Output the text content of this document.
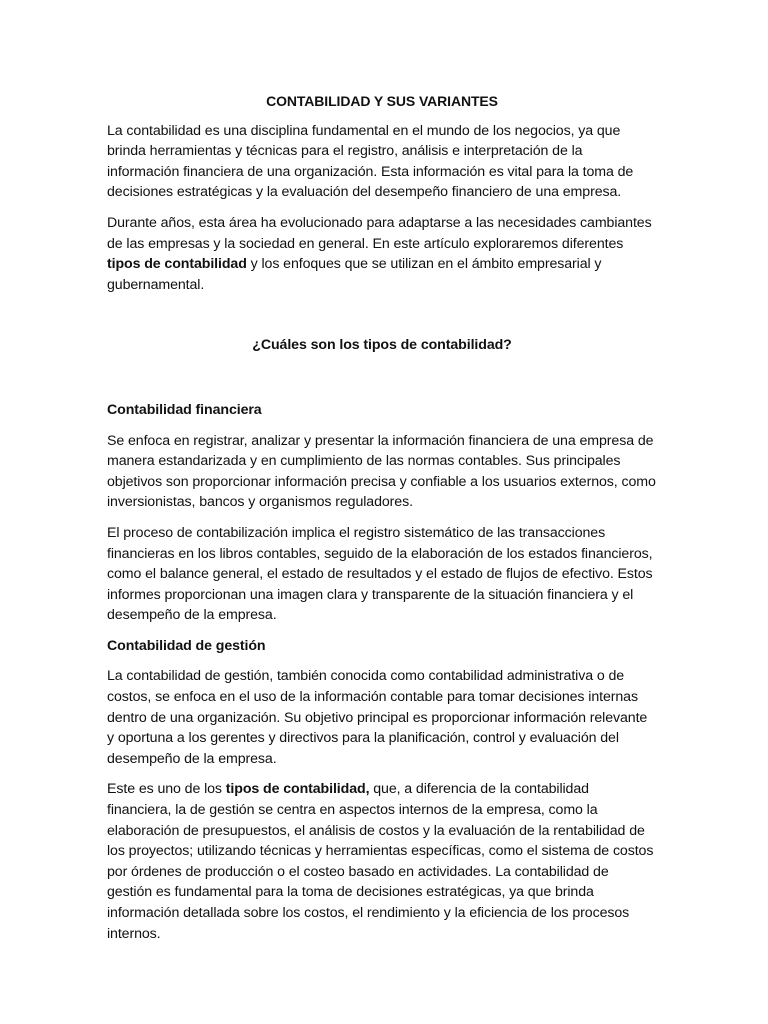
CONTABILIDAD Y SUS VARIANTES

La contabilidad es una disciplina fundamental en el mundo de los negocios, ya que brinda herramientas y técnicas para el registro, análisis e interpretación de la información financiera de una organización. Esta información es vital para la toma de decisiones estratégicas y la evaluación del desempeño financiero de una empresa.

Durante años, esta área ha evolucionado para adaptarse a las necesidades cambiantes de las empresas y la sociedad en general. En este artículo exploraremos diferentes tipos de contabilidad y los enfoques que se utilizan en el ámbito empresarial y gubernamental.

¿Cuáles son los tipos de contabilidad?
Contabilidad financiera

Se enfoca en registrar, analizar y presentar la información financiera de una empresa de manera estandarizada y en cumplimiento de las normas contables. Sus principales objetivos son proporcionar información precisa y confiable a los usuarios externos, como inversionistas, bancos y organismos reguladores.

El proceso de contabilización implica el registro sistemático de las transacciones financieras en los libros contables, seguido de la elaboración de los estados financieros, como el balance general, el estado de resultados y el estado de flujos de efectivo. Estos informes proporcionan una imagen clara y transparente de la situación financiera y el desempeño de la empresa.

Contabilidad de gestión

La contabilidad de gestión, también conocida como contabilidad administrativa o de costos, se enfoca en el uso de la información contable para tomar decisiones internas dentro de una organización. Su objetivo principal es proporcionar información relevante y oportuna a los gerentes y directivos para la planificación, control y evaluación del desempeño de la empresa.

Este es uno de los tipos de contabilidad, que, a diferencia de la contabilidad financiera, la de gestión se centra en aspectos internos de la empresa, como la elaboración de presupuestos, el análisis de costos y la evaluación de la rentabilidad de los proyectos; utilizando técnicas y herramientas específicas, como el sistema de costos por órdenes de producción o el costeo basado en actividades. La contabilidad de gestión es fundamental para la toma de decisiones estratégicas, ya que brinda información detallada sobre los costos, el rendimiento y la eficiencia de los procesos internos.
